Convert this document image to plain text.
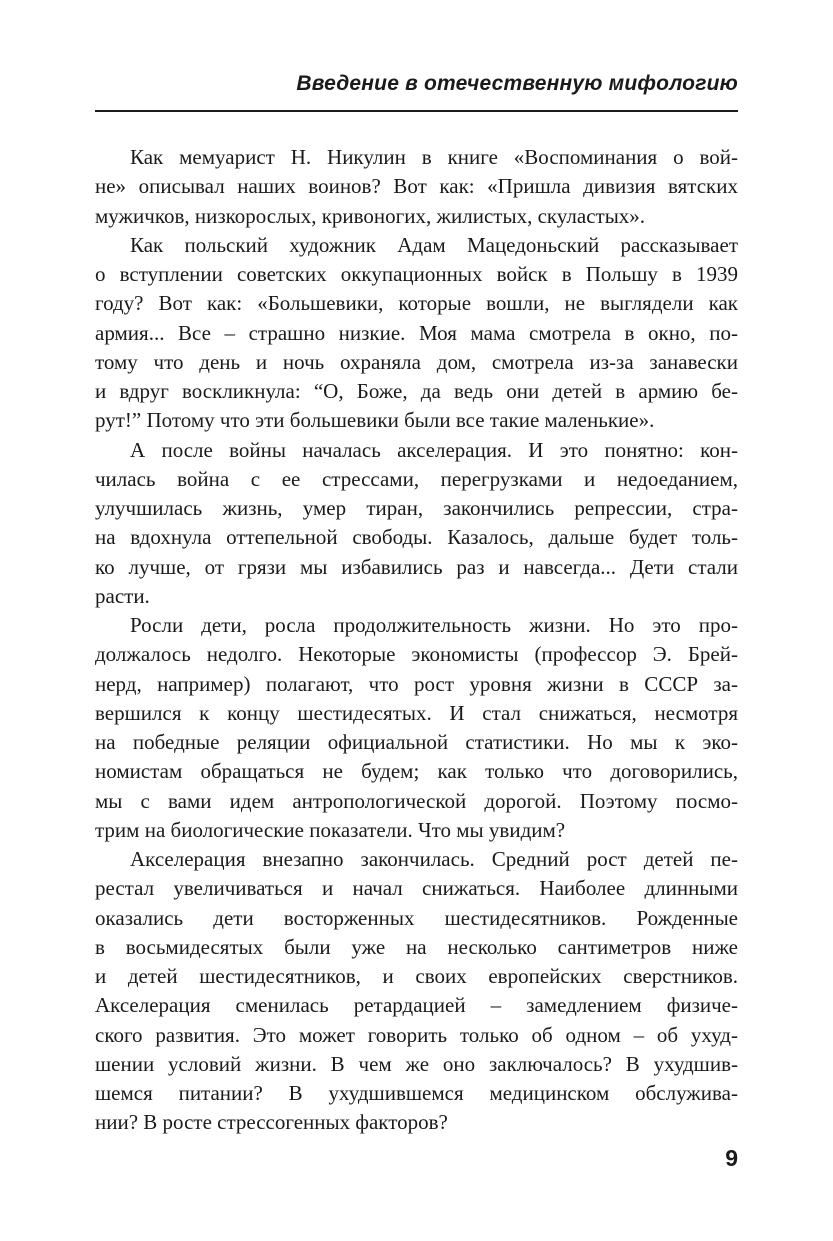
Введение в отечественную мифологию
Как мемуарист Н. Никулин в книге «Воспоминания о вой-
не» описывал наших воинов? Вот как: «Пришла дивизия вятских
мужичков, низкорослых, кривоногих, жилистых, скуластых».
Как польский художник Адам Мацедоньский рассказывает
о вступлении советских оккупационных войск в Польшу в 1939
году? Вот как: «Большевики, которые вошли, не выглядели как
армия... Все – страшно низкие. Моя мама смотрела в окно, по-
тому что день и ночь охраняла дом, смотрела из-за занавески
и вдруг воскликнула: “О, Боже, да ведь они детей в армию бе-
рут!” Потому что эти большевики были все такие маленькие».
А после войны началась акселерация. И это понятно: кон-
чилась война с ее стрессами, перегрузками и недоеданием,
улучшилась жизнь, умер тиран, закончились репрессии, стра-
на вдохнула оттепельной свободы. Казалось, дальше будет толь-
ко лучше, от грязи мы избавились раз и навсегда... Дети стали
расти.
Росли дети, росла продолжительность жизни. Но это про-
должалось недолго. Некоторые экономисты (профессор Э. Брей-
нерд, например) полагают, что рост уровня жизни в СССР за-
вершился к концу шестидесятых. И стал снижаться, несмотря
на победные реляции официальной статистики. Но мы к эко-
номистам обращаться не будем; как только что договорились,
мы с вами идем антропологической дорогой. Поэтому посмо-
трим на биологические показатели. Что мы увидим?
Акселерация внезапно закончилась. Средний рост детей пе-
рестал увеличиваться и начал снижаться. Наиболее длинными
оказались дети восторженных шестидесятников. Рожденные
в восьмидесятых были уже на несколько сантиметров ниже
и детей шестидесятников, и своих европейских сверстников.
Акселерация сменилась ретардацией – замедлением физиче-
ского развития. Это может говорить только об одном – об ухуд-
шении условий жизни. В чем же оно заключалось? В ухудшив-
шемся питании? В ухудшившемся медицинском обслужива-
нии? В росте стрессогенных факторов?
9
